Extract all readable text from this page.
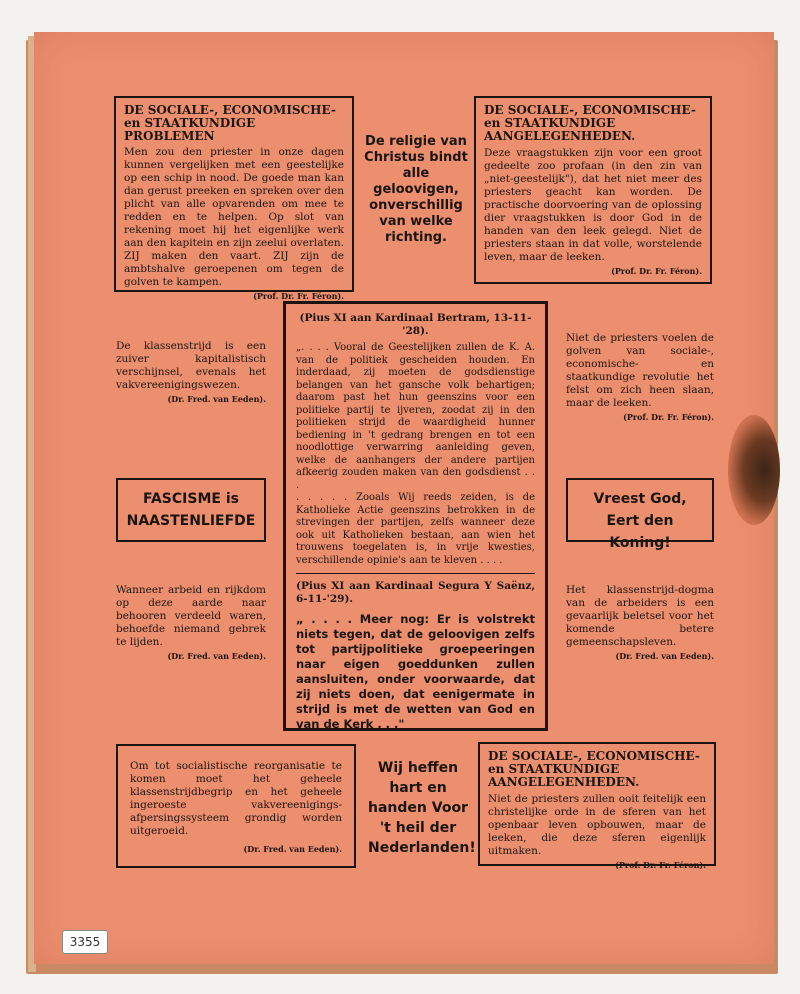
DE SOCIALE-, ECONOMISCHE-
en STAATKUNDIGE PROBLEMEN
Men zou den priester in onze dagen kunnen vergelijken met een geestelijke op een schip in nood. De goede man kan dan gerust preeken en spreken over den plicht van alle opvarenden om mee te redden en te helpen. Op slot van rekening moet hij het eigenlijke werk aan den kapitein en zijn zeelui overlaten. ZIJ maken den vaart. ZIJ zijn de ambtshalve geroepenen om tegen de golven te kampen.
(Prof. Dr. Fr. Féron).
De religie van Christus bindt alle geloovigen, onverschillig van welke richting.
DE SOCIALE-, ECONOMISCHE-
en STAATKUNDIGE
AANGELEGENHEDEN.
Deze vraagstukken zijn voor een groot gedeelte zoo profaan (in den zin van „niet-geestelijk"), dat het niet meer des priesters geacht kan worden. De practische doorvoering van de oplossing dier vraagstukken is door God in de handen van den leek gelegd. Niet de priesters staan in dat volle, worstelende leven, maar de leeken.
(Prof. Dr. Fr. Féron).
De klassenstrijd is een zuiver kapitalistisch verschijnsel, evenals het vakvereenigingswezen.
(Dr. Fred. van Eeden).
Niet de priesters voelen de golven van sociale-, economische- en staatkundige revolutie het felst om zich heen slaan, maar de leeken.
(Prof. Dr. Fr. Féron).
FASCISME is
NAASTENLIEFDE
Vreest God,
Eert den Koning!
(Pius XI aan Kardinaal Bertram, 13-11-'28).
„. . . . Vooral de Geestelijken zullen de K. A. van de politiek gescheiden houden. En inderdaad, zij moeten de godsdienstige belangen van het gansche volk behartigen; daarom past het hun geenszins voor een politieke partij te ijveren, zoodat zij in den politieken strijd de waardigheid hunner bediening in 't gedrang brengen en tot een noodlottige verwarring aanleiding geven, welke de aanhangers der andere partijen afkeerig zouden maken van den godsdienst . . .
. . . . . Zooals Wij reeds zeiden, is de Katholieke Actie geenszins betrokken in de strevingen der partijen, zelfs wanneer deze ook uit Katholieken bestaan, aan wien het trouwens toegelaten is, in vrije kwesties, verschillende opinie's aan te kleven . . . .
(Pius XI aan Kardinaal Segura Y Saënz, 6-11-'29).
„ . . . . Meer nog: Er is volstrekt niets tegen, dat de geloovigen zelfs tot partijpolitieke groepeeringen naar eigen goeddunken zullen aansluiten, onder voorwaarde, dat zij niets doen, dat eenigermate in strijd is met de wetten van God en van de Kerk . . ."
Wanneer arbeid en rijkdom op deze aarde naar behooren verdeeld waren, behoefde niemand gebrek te lijden.
(Dr. Fred. van Eeden).
Het klassenstrijd-dogma van de arbeiders is een gevaarlijk beletsel voor het komende betere gemeenschapsleven.
(Dr. Fred. van Eeden).
Om tot socialistische reorganisatie te komen moet het geheele klassenstrijdbegrip en het geheele ingeroeste vakvereenigings-afpersingssysteem grondig worden uitgeroeid.
(Dr. Fred. van Eeden).
Wij heffen hart en handen Voor 't heil der Nederlanden!
DE SOCIALE-, ECONOMISCHE-
en STAATKUNDIGE
AANGELEGENHEDEN.
Niet de priesters zullen ooit feitelijk een christelijke orde in de sferen van het openbaar leven opbouwen, maar de leeken, die deze sferen eigenlijk uitmaken.
(Prof. Dr. Fr. Féron).
3355
